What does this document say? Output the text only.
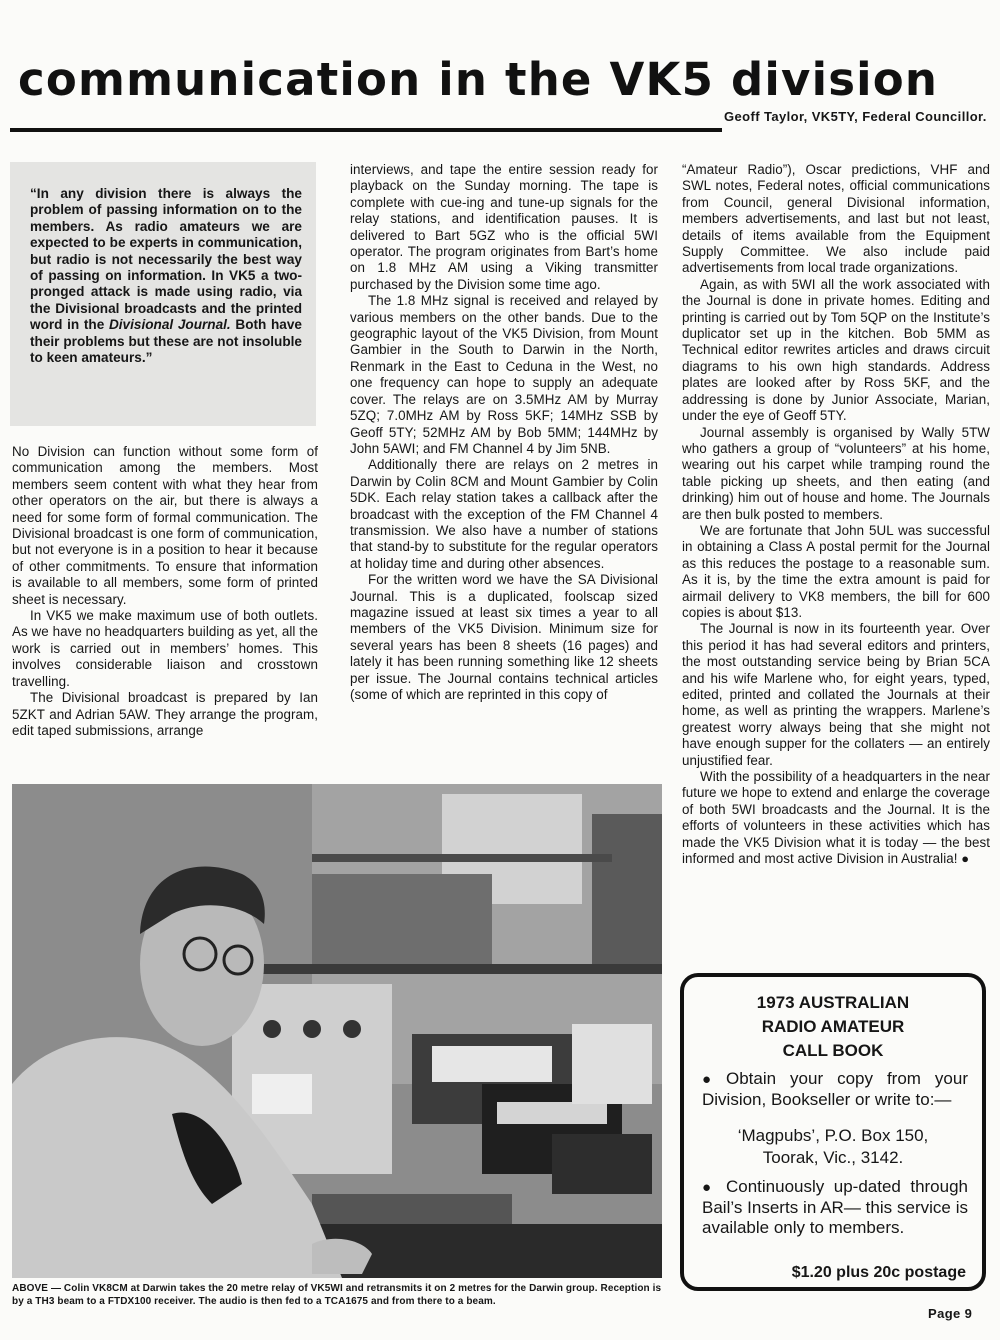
communication in the VK5 division
Geoff Taylor, VK5TY, Federal Councillor.
“In any division there is always the problem of passing information on to the members. As radio amateurs we are expected to be experts in communication, but radio is not necessarily the best way of passing on information. In VK5 a two-pronged attack is made using radio, via the Divisional broadcasts and the printed word in the Divisional Journal. Both have their problems but these are not insoluble to keen amateurs.”

No Division can function without some form of communication among the members. Most members seem content with what they hear from other operators on the air, but there is always a need for some form of formal communication. The Divisional broadcast is one form of communication, but not everyone is in a position to hear it because of other commitments. To ensure that information is available to all members, some form of printed sheet is necessary.

In VK5 we make maximum use of both outlets. As we have no headquarters building as yet, all the work is carried out in members’ homes. This involves considerable liaison and crosstown travelling.

The Divisional broadcast is prepared by Ian 5ZKT and Adrian 5AW. They arrange the program, edit taped submissions, arrange

interviews, and tape the entire session ready for playback on the Sunday morning. The tape is complete with cue-ing and tune-up signals for the relay stations, and identification pauses. It is delivered to Bart 5GZ who is the official 5WI operator. The program originates from Bart’s home on 1.8 MHz AM using a Viking transmitter purchased by the Division some time ago.

The 1.8 MHz signal is received and relayed by various members on the other bands. Due to the geographic layout of the VK5 Division, from Mount Gambier in the South to Darwin in the North, Renmark in the East to Ceduna in the West, no one frequency can hope to supply an adequate cover. The relays are on 3.5MHz AM by Murray 5ZQ; 7.0MHz AM by Ross 5KF; 14MHz SSB by Geoff 5TY; 52MHz AM by Bob 5MM; 144MHz by John 5AWI; and FM Channel 4 by Jim 5NB.

Additionally there are relays on 2 metres in Darwin by Colin 8CM and Mount Gambier by Colin 5DK. Each relay station takes a callback after the broadcast with the exception of the FM Channel 4 transmission. We also have a number of stations that stand-by to substitute for the regular operators at holiday time and during other absences.

For the written word we have the SA Divisional Journal. This is a duplicated, foolscap sized magazine issued at least six times a year to all members of the VK5 Division. Minimum size for several years has been 8 sheets (16 pages) and lately it has been running something like 12 sheets per issue. The Journal contains technical articles (some of which are reprinted in this copy of

“Amateur Radio”), Oscar predictions, VHF and SWL notes, Federal notes, official communications from Council, general Divisional information, members advertisements, and last but not least, details of items available from the Equipment Supply Committee. We also include paid advertisements from local trade organizations.

Again, as with 5WI all the work associated with the Journal is done in private homes. Editing and printing is carried out by Tom 5QP on the Institute’s duplicator set up in the kitchen. Bob 5MM as Technical editor rewrites articles and draws circuit diagrams to his own high standards. Address plates are looked after by Ross 5KF, and the addressing is done by Junior Associate, Marian, under the eye of Geoff 5TY.

Journal assembly is organised by Wally 5TW who gathers a group of “volunteers” at his home, wearing out his carpet while tramping round the table picking up sheets, and then eating (and drinking) him out of house and home. The Journals are then bulk posted to members.

We are fortunate that John 5UL was successful in obtaining a Class A postal permit for the Journal as this reduces the postage to a reasonable sum. As it is, by the time the extra amount is paid for airmail delivery to VK8 members, the bill for 600 copies is about $13.

The Journal is now in its fourteenth year. Over this period it has had several editors and printers, the most outstanding service being by Brian 5CA and his wife Marlene who, for eight years, typed, edited, printed and collated the Journals at their home, as well as printing the wrappers. Marlene’s greatest worry always being that she might not have enough supper for the collaters — an entirely unjustified fear.

With the possibility of a headquarters in the near future we hope to extend and enlarge the coverage of both 5WI broadcasts and the Journal. It is the efforts of volunteers in these activities which has made the VK5 Division what it is today — the best informed and most active Division in Australia! ●

ABOVE — Colin VK8CM at Darwin takes the 20 metre relay of VK5WI and retransmits it on 2 metres for the Darwin group. Reception is by a TH3 beam to a FTDX100 receiver. The audio is then fed to a TCA1675 and from there to a beam.
1973 AUSTRALIAN
RADIO AMATEUR
CALL BOOK
● Obtain your copy from your Division, Bookseller or write to:—
‘Magpubs’, P.O. Box 150,
Toorak, Vic., 3142.
● Continuously up-dated through Bail’s Inserts in AR— this service is available only to members.
$1.20 plus 20c postage
Page 9
